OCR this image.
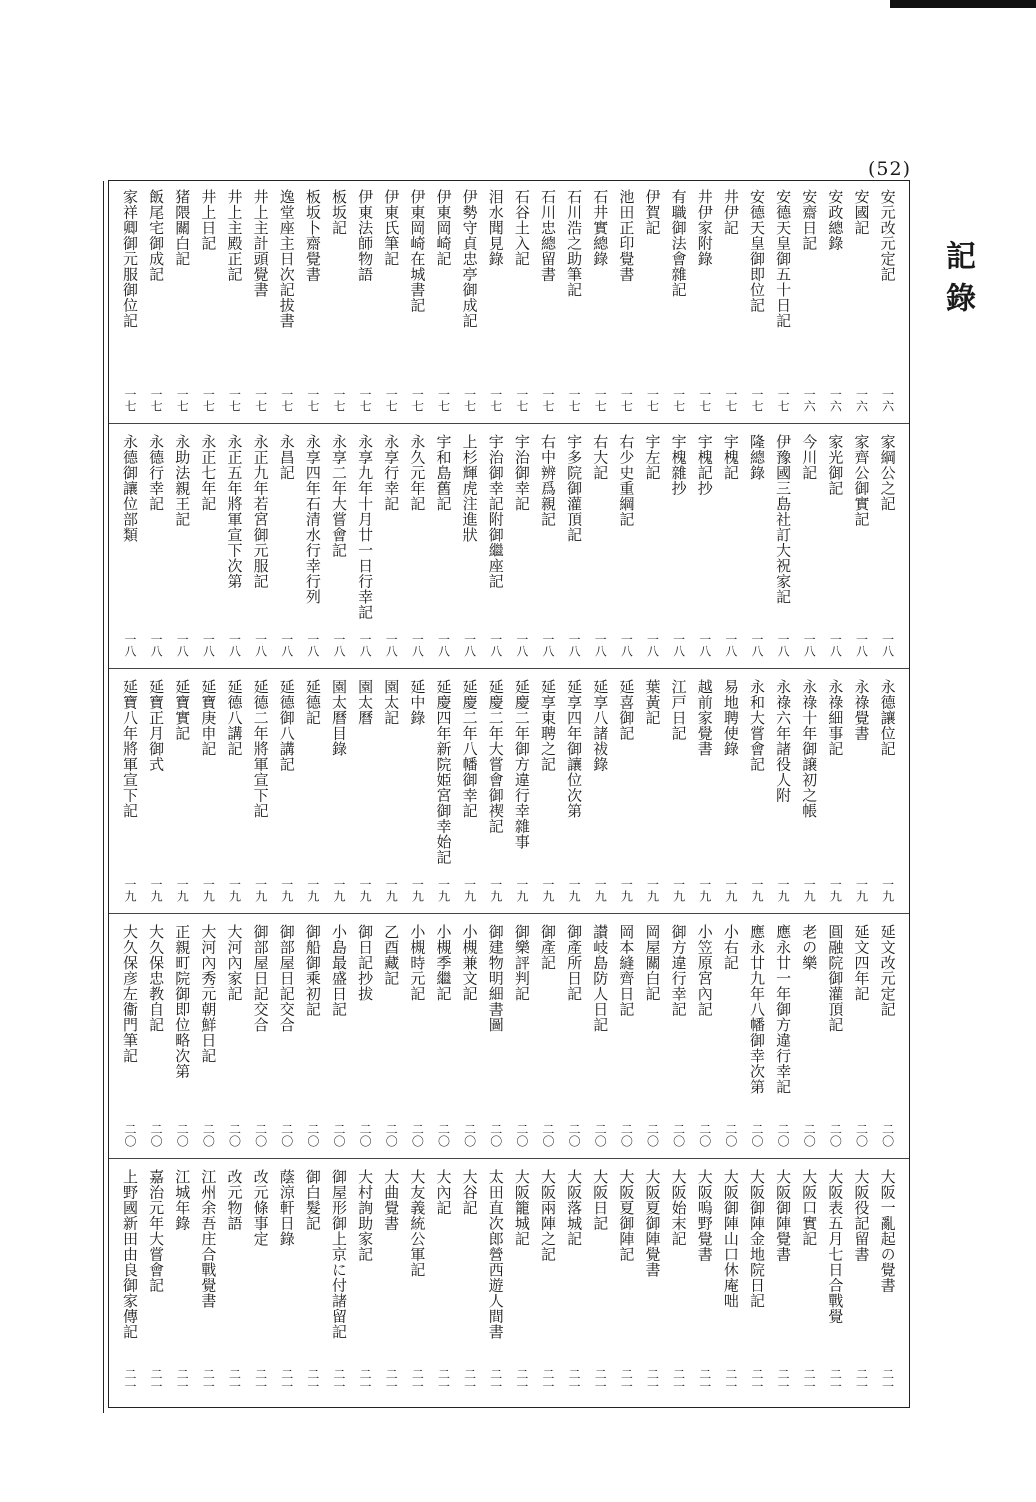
(52)
記錄
安元改元定記
一六
安國記
一六
安政總錄
一六
安齋日記
一六
安德天皇御五十日記
一七
安德天皇御即位記
一七
井伊記
一七
井伊家附錄
一七
有職御法會雜記
一七
伊賀記
一七
池田正印覺書
一七
石井實總錄
一七
石川浩之助筆記
一七
石川忠總留書
一七
石谷土入記
一七
泪水聞見錄
一七
伊勢守貞忠亭御成記
一七
伊東岡崎記
一七
伊東岡崎在城書記
一七
伊東氏筆記
一七
伊東法師物語
一七
板坂記
一七
板坂卜齋覺書
一七
逸堂座主日次記拔書
一七
井上主計頭覺書
一七
井上主殿正記
一七
井上日記
一七
猪隈關白記
一七
飯尾宅御成記
一七
家祥卿御元服御位記
一七
家綱公之記
一八
家齊公御實記
一八
家光御記
一八
今川記
一八
伊豫國三島社訂大祝家記
一八
隆總錄
一八
宇槐記
一八
宇槐記抄
一八
宇槐雜抄
一八
宇左記
一八
右少史重綱記
一八
右大記
一八
宇多院御灌頂記
一八
右中辨爲親記
一八
宇治御幸記
一八
宇治御幸記附御繼座記
一八
上杉輝虎注進狀
一八
宇和島舊記
一八
永久元年記
一八
永享行幸記
一八
永享九年十月廿一日行幸記
一八
永享二年大嘗會記
一八
永享四年石清水行幸行列
一八
永昌記
一八
永正九年若宮御元服記
一八
永正五年將軍宣下次第
一八
永正七年記
一八
永助法親王記
一八
永德行幸記
一八
永德御讓位部類
一八
永德讓位記
一九
永祿覺書
一九
永祿細事記
一九
永祿十年御譲初之帳
一九
永祿六年諸役人附
一九
永和大嘗會記
一九
易地聘使錄
一九
越前家覺書
一九
江戸日記
一九
葉黃記
一九
延喜御記
一九
延享八諸祓錄
一九
延享四年御讓位次第
一九
延享東聘之記
一九
延慶二年御方違行幸雜事
一九
延慶二年大嘗會御禊記
一九
延慶二年八幡御幸記
一九
延慶四年新院姫宮御幸始記
一九
延中錄
一九
園太記
一九
園太曆
一九
園太曆目錄
一九
延德記
一九
延德御八講記
一九
延德二年將軍宣下記
一九
延德八講記
一九
延寶庚申記
一九
延寶實記
一九
延寶正月御式
一九
延寶八年將軍宣下記
一九
延文改元定記
二〇
延文四年記
二〇
圓融院御灌頂記
二〇
老の樂
二〇
應永廿一年御方違行幸記
二〇
應永廿九年八幡御幸次第
二〇
小右記
二〇
小笠原宮內記
二〇
御方違行幸記
二〇
岡屋關白記
二〇
岡本縫齊日記
二〇
讃岐島防人日記
二〇
御產所日記
二〇
御產記
二〇
御樂評判記
二〇
御建物明細書圖
二〇
小槻兼文記
二〇
小槻季繼記
二〇
小槻時元記
二〇
乙酉藏記
二〇
御日記抄拔
二〇
小島最盛日記
二〇
御船御乘初記
二〇
御部屋日記交合
二〇
御部屋日記交合
二〇
大河內家記
二〇
大河內秀元朝鮮日記
二〇
正親町院御即位略次第
二〇
大久保忠教自記
二〇
大久保彦左衞門筆記
二〇
大阪一亂起の覺書
二一
大阪役記留書
二一
大阪表五月七日合戰覺
二一
大阪口實記
二一
大阪御陣覺書
二一
大阪御陣金地院日記
二一
大阪御陣山口休庵咄
二一
大阪嗚野覺書
二一
大阪始末記
二一
大阪夏御陣覺書
二一
大阪夏御陣記
二一
大阪日記
二一
大阪落城記
二一
大阪兩陣之記
二一
大阪籠城記
二一
太田直次郎營西遊人間書
二一
大谷記
二一
大內記
二一
大友義統公軍記
二一
大曲覺書
二一
大村詢助家記
二一
御屋形御上京に付諸留記
二一
御白髮記
二一
蔭涼軒日錄
二一
改元條事定
二一
改元物語
二一
江州余吾庄合戰覺書
二一
江城年錄
二一
嘉治元年大嘗會記
二一
上野國新田由良御家傳記
二一
